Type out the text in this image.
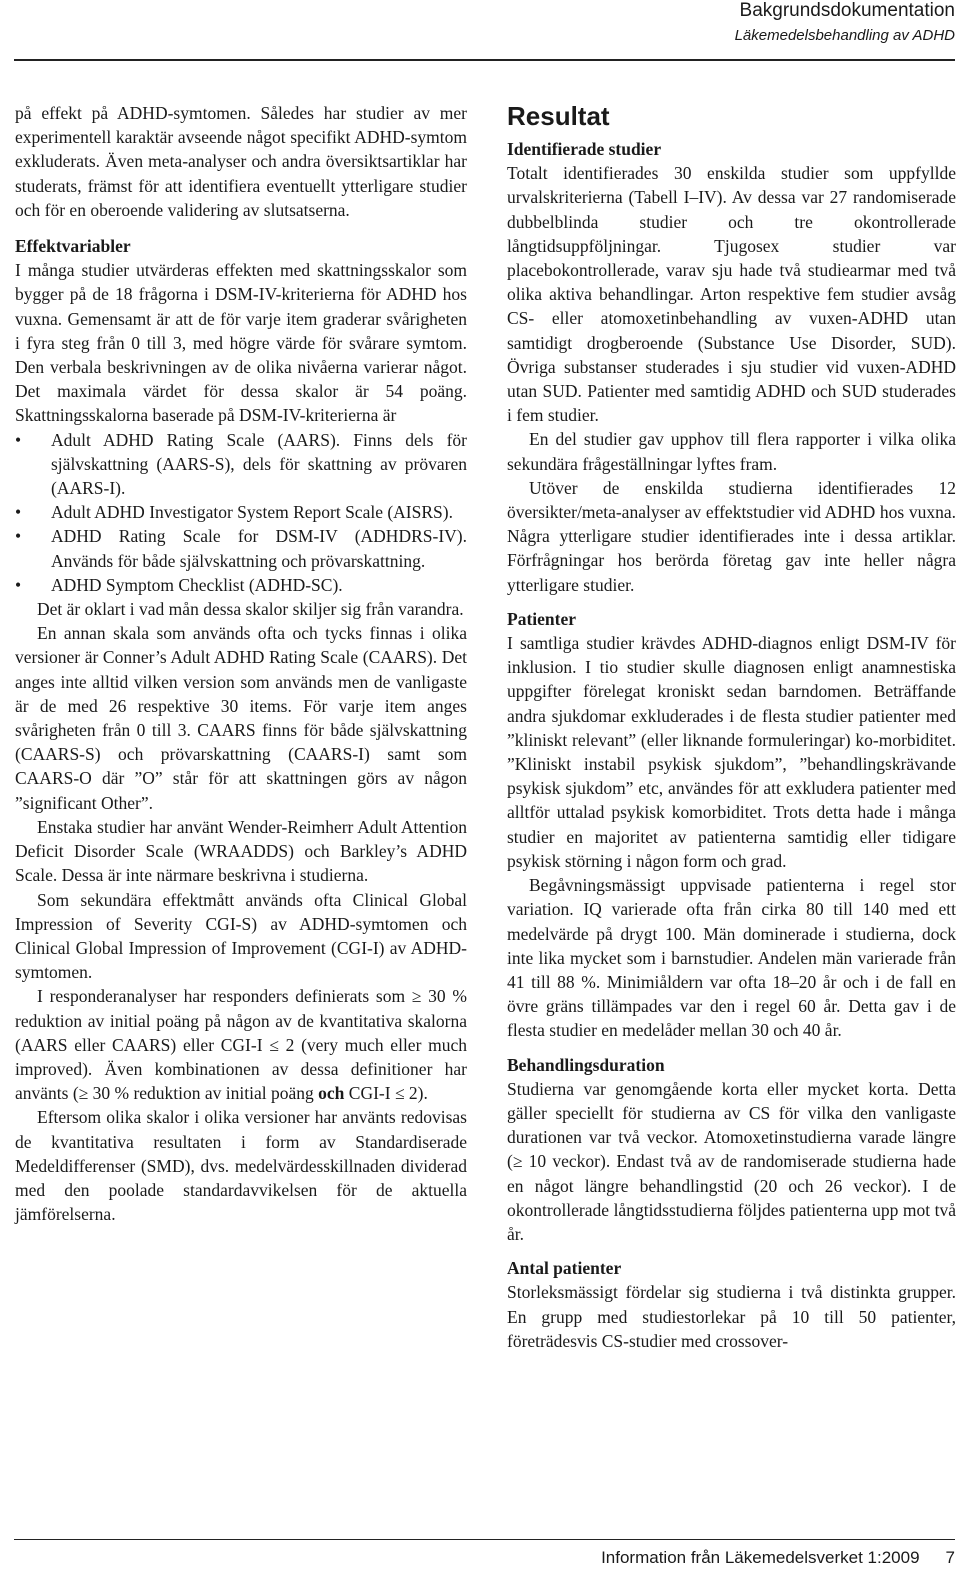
Bakgrundsdokumentation
Läkemedelsbehandling av ADHD

på effekt på ADHD-symtomen. Således har studier av mer experimentell karaktär avseende något specifikt ADHD-symtom exkluderats. Även meta-analyser och andra översiktsartiklar har studerats, främst för att identifiera eventuellt ytterligare studier och för en oberoende validering av slutsatserna.

Effektvariabler

I många studier utvärderas effekten med skattningsskalor som bygger på de 18 frågorna i DSM-IV-kriterierna för ADHD hos vuxna. Gemensamt är att de för varje item graderar svårigheten i fyra steg från 0 till 3, med högre värde för svårare symtom. Den verbala beskrivningen av de olika nivåerna varierar något. Det maximala värdet för dessa skalor är 54 poäng. Skattningsskalorna baserade på DSM-IV-kriterierna är

• Adult ADHD Rating Scale (AARS). Finns dels för självskattning (AARS-S), dels för skattning av prövaren (AARS-I).
• Adult ADHD Investigator System Report Scale (AISRS).
• ADHD Rating Scale for DSM-IV (ADHDRS-IV). Används för både självskattning och prövarskattning.
• ADHD Symptom Checklist (ADHD-SC).

Det är oklart i vad mån dessa skalor skiljer sig från varandra.

En annan skala som används ofta och tycks finnas i olika versioner är Conner’s Adult ADHD Rating Scale (CAARS). Det anges inte alltid vilken version som används men de vanligaste är de med 26 respektive 30 items. För varje item anges svårigheten från 0 till 3. CAARS finns för både självskattning (CAARS-S) och prövarskattning (CAARS-I) samt som CAARS-O där ”O” står för att skattningen görs av någon ”significant Other”.

Enstaka studier har använt Wender-Reimherr Adult Attention Deficit Disorder Scale (WRAADDS) och Barkley’s ADHD Scale. Dessa är inte närmare beskrivna i studierna.

Som sekundära effektmått används ofta Clinical Global Impression of Severity CGI-S) av ADHD-symtomen och Clinical Global Impression of Improvement (CGI-I) av ADHD-symtomen.

I responderanalyser har responders definierats som ≥ 30 % reduktion av initial poäng på någon av de kvantitativa skalorna (AARS eller CAARS) eller CGI-I ≤ 2 (very much eller much improved). Även kombinationen av dessa definitioner har använts (≥ 30 % reduktion av initial poäng och CGI-I ≤ 2).

Eftersom olika skalor i olika versioner har använts redovisas de kvantitativa resultaten i form av Standardiserade Medeldifferenser (SMD), dvs. medelvärdesskillnaden dividerad med den poolade standardavvikelsen för de aktuella jämförelserna.

Resultat
Identifierade studier

Totalt identifierades 30 enskilda studier som uppfyllde urvalskriterierna (Tabell I–IV). Av dessa var 27 randomiserade dubbelblinda studier och tre okontrollerade långtidsuppföljningar. Tjugosex studier var placebokontrollerade, varav sju hade två studiearmar med två olika aktiva behandlingar. Arton respektive fem studier avsåg CS- eller atomoxetinbehandling av vuxen-ADHD utan samtidigt drogberoende (Substance Use Disorder, SUD). Övriga substanser studerades i sju studier vid vuxen-ADHD utan SUD. Patienter med samtidig ADHD och SUD studerades i fem studier.

En del studier gav upphov till flera rapporter i vilka olika sekundära frågeställningar lyftes fram.

Utöver de enskilda studierna identifierades 12 översikter/meta-analyser av effektstudier vid ADHD hos vuxna. Några ytterligare studier identifierades inte i dessa artiklar. Förfrågningar hos berörda företag gav inte heller några ytterligare studier.

Patienter

I samtliga studier krävdes ADHD-diagnos enligt DSM-IV för inklusion. I tio studier skulle diagnosen enligt anamnestiska uppgifter förelegat kroniskt sedan barndomen. Beträffande andra sjukdomar exkluderades i de flesta studier patienter med ”kliniskt relevant” (eller liknande formuleringar) ko-morbiditet. ”Kliniskt instabil psykisk sjukdom”, ”behandlingskrävande psykisk sjukdom” etc, användes för att exkludera patienter med alltför uttalad psykisk komorbiditet. Trots detta hade i många studier en majoritet av patienterna samtidig eller tidigare psykisk störning i någon form och grad.

Begåvningsmässigt uppvisade patienterna i regel stor variation. IQ varierade ofta från cirka 80 till 140 med ett medelvärde på drygt 100. Män dominerade i studierna, dock inte lika mycket som i barnstudier. Andelen män varierade från 41 till 88 %. Minimiåldern var ofta 18–20 år och i de fall en övre gräns tillämpades var den i regel 60 år. Detta gav i de flesta studier en medelåder mellan 30 och 40 år.

Behandlingsduration

Studierna var genomgående korta eller mycket korta. Detta gäller speciellt för studierna av CS för vilka den vanligaste durationen var två veckor. Atomoxetinstudierna varade längre (≥ 10 veckor). Endast två av de randomiserade studierna hade en något längre behandlingstid (20 och 26 veckor). I de okontrollerade långtidsstudierna följdes patienterna upp mot två år.

Antal patienter

Storleksmässigt fördelar sig studierna i två distinkta grupper. En grupp med studiestorlekar på 10 till 50 patienter, företrädesvis CS-studier med crossover-

Information från Läkemedelsverket 1:2009 7
